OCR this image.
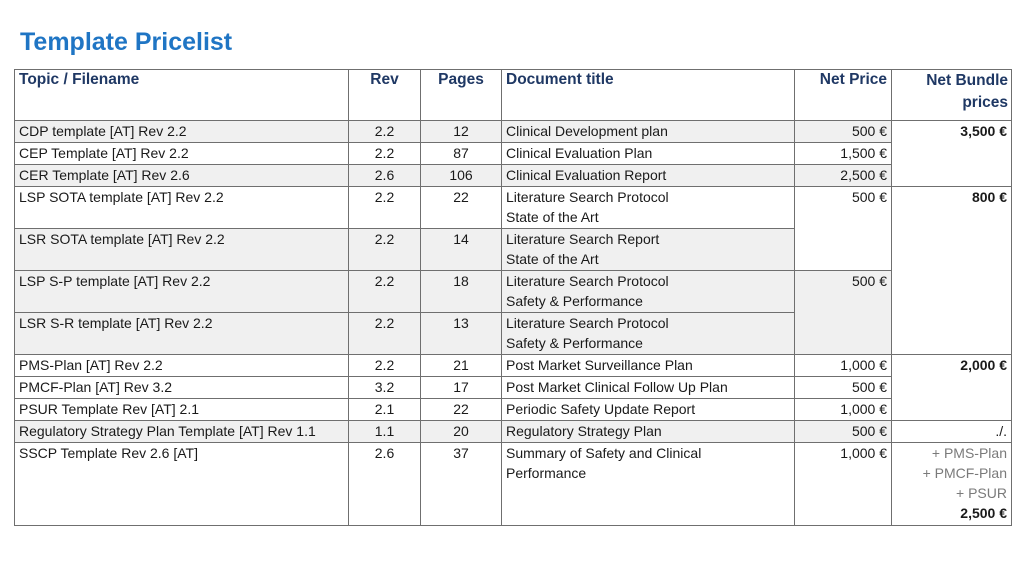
Template Pricelist
Topic / Filename	Rev	Pages	Document title	Net Price	Net Bundle
prices
CDP template [AT] Rev 2.2	2.2	12	Clinical Development plan	500 €	3,500 €
CEP Template [AT] Rev 2.2	2.2	87	Clinical Evaluation Plan	1,500 €	
CER Template [AT] Rev 2.6	2.6	106	Clinical Evaluation Report	2,500 €	
LSP SOTA template [AT] Rev 2.2	2.2	22	Literature Search Protocol
State of the Art	500 €	800 €
LSR SOTA template [AT] Rev 2.2	2.2	14	Literature Search Report
State of the Art		
LSP S-P template [AT] Rev 2.2	2.2	18	Literature Search Protocol
Safety & Performance	500 €	
LSR S-R template [AT] Rev 2.2	2.2	13	Literature Search Protocol
Safety & Performance		
PMS-Plan [AT] Rev 2.2	2.2	21	Post Market Surveillance Plan	1,000 €	2,000 €
PMCF-Plan [AT] Rev 3.2	3.2	17	Post Market Clinical Follow Up Plan	500 €	
PSUR Template Rev [AT] 2.1	2.1	22	Periodic Safety Update Report	1,000 €	
Regulatory Strategy Plan Template [AT] Rev 1.1	1.1	20	Regulatory Strategy Plan	500 €	./.
SSCP Template Rev 2.6 [AT]	2.6	37	Summary of Safety and Clinical
Performance	1,000 €	+ PMS-Plan
+ PMCF-Plan
+ PSUR
2,500 €
